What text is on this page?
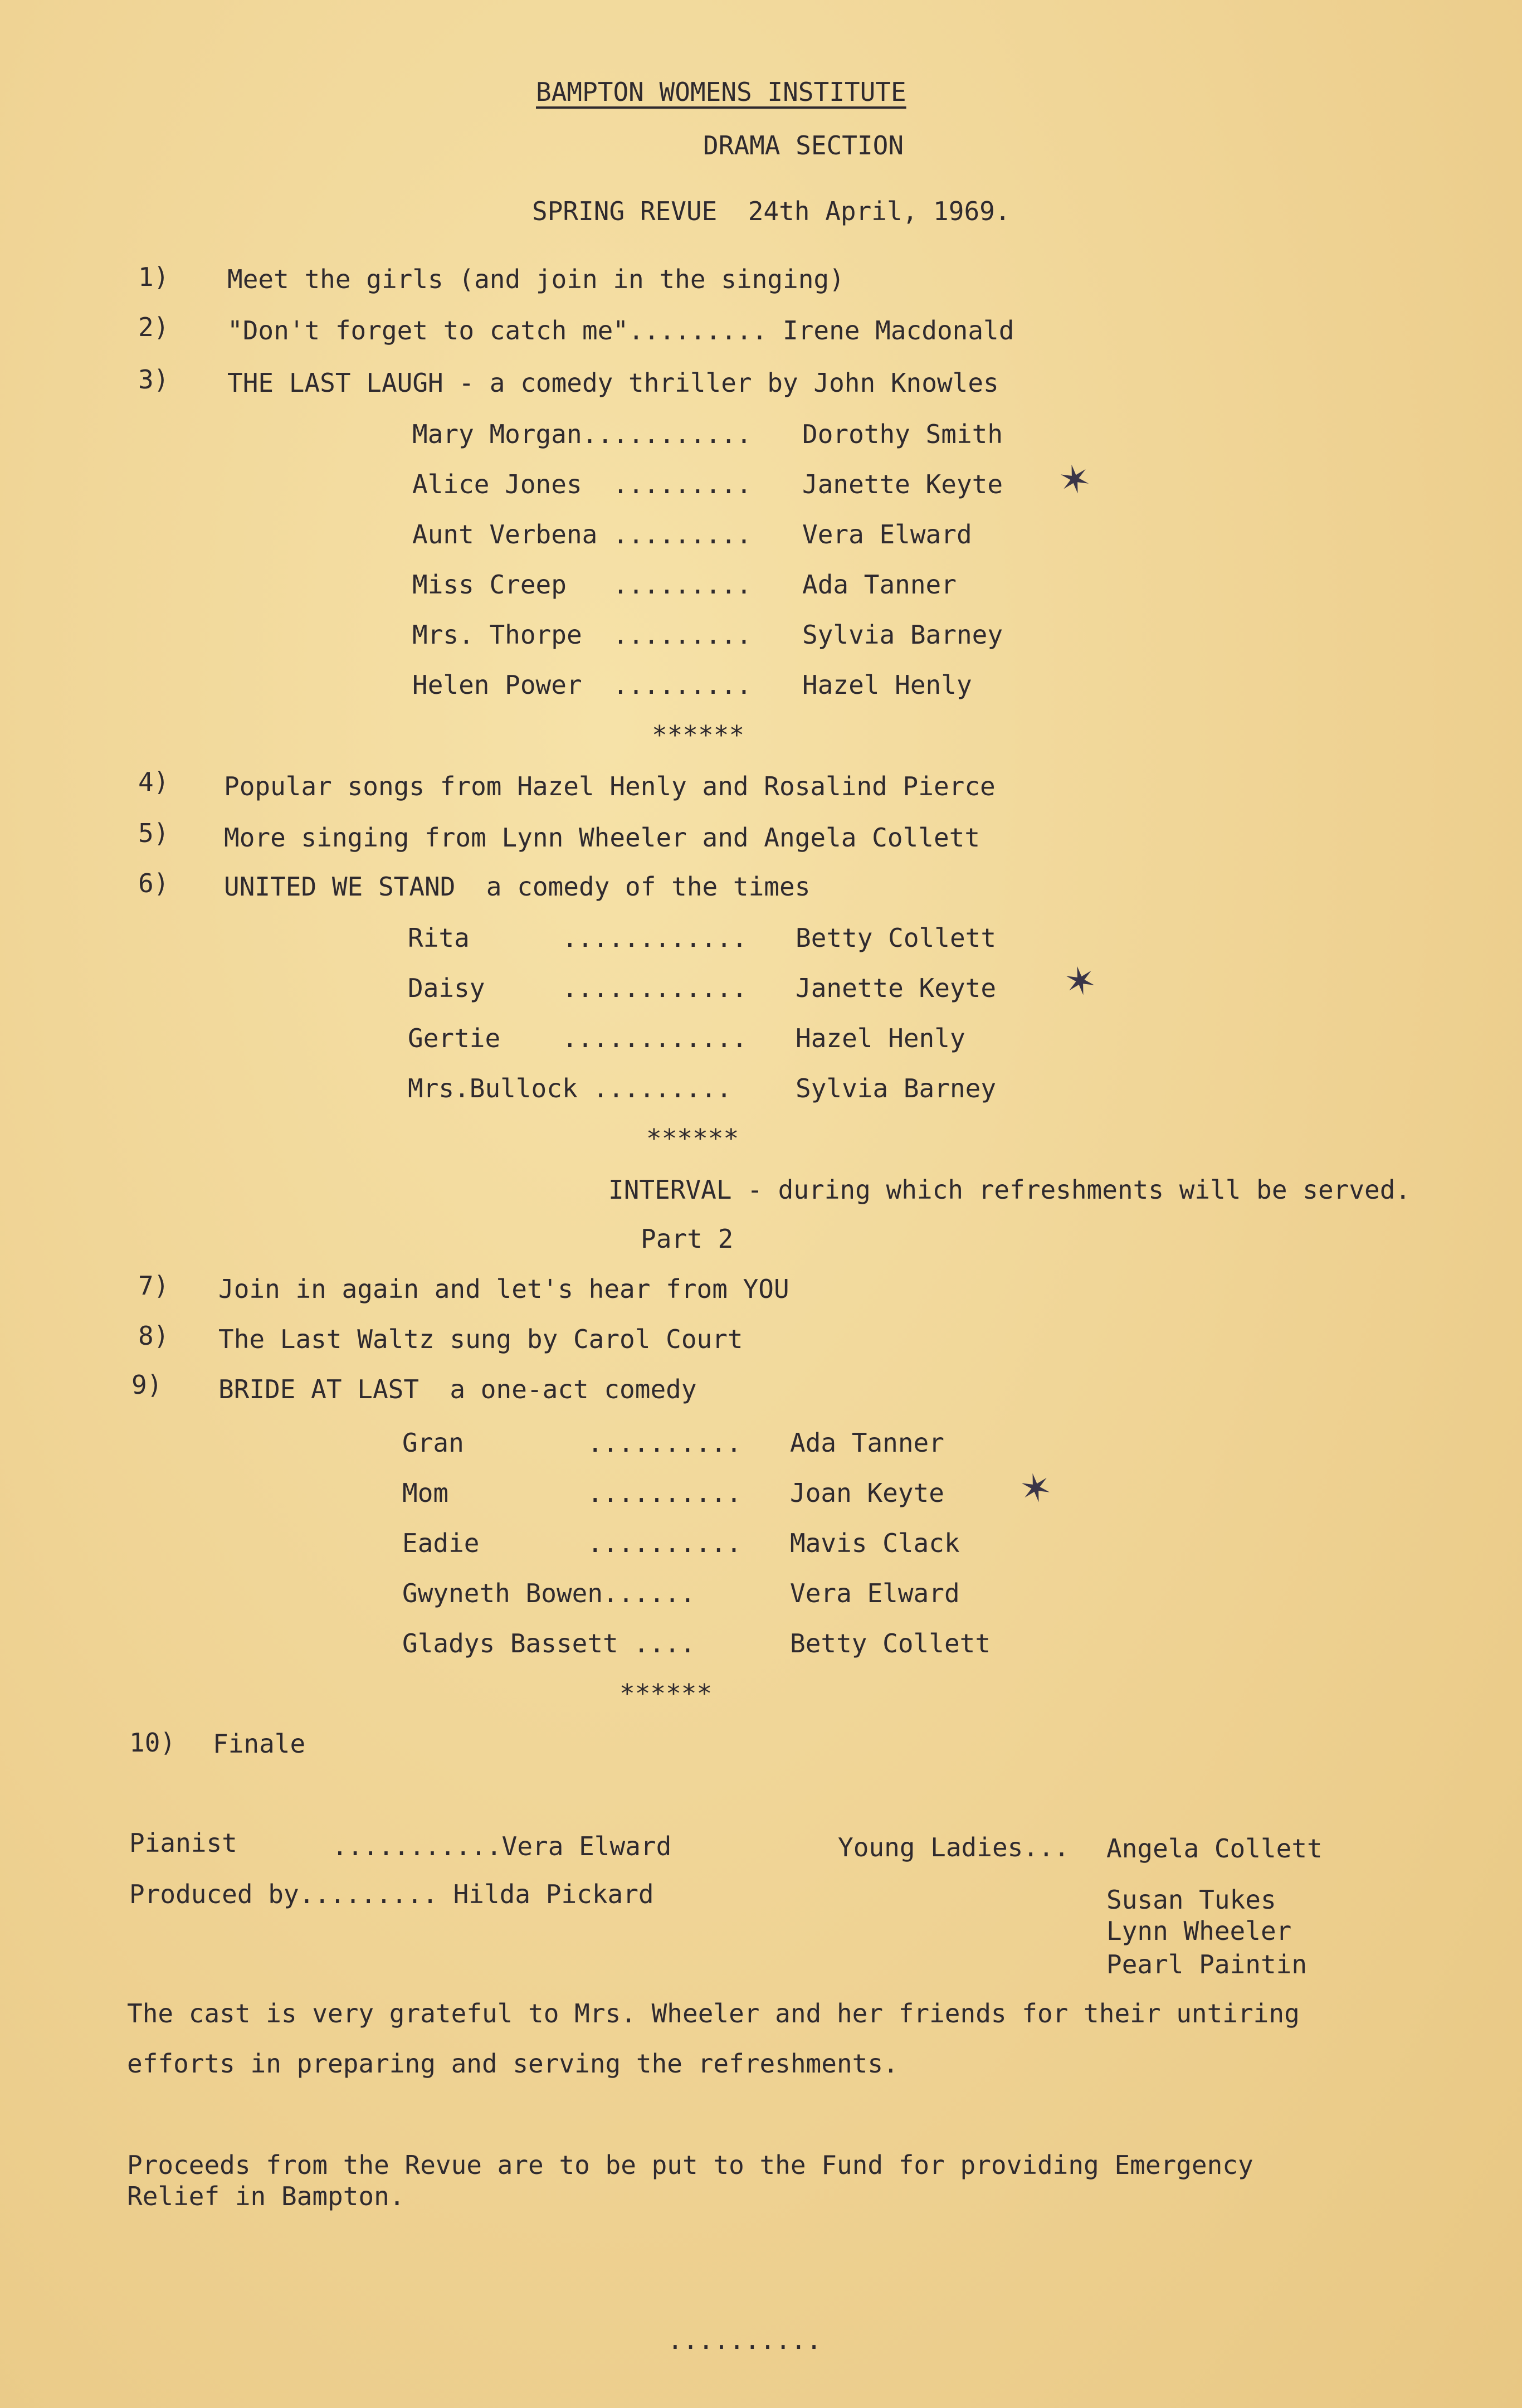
BAMPTON WOMENS INSTITUTE
DRAMA SECTION
SPRING REVUE  24th April, 1969.
1) Meet the girls (and join in the singing)
2) "Don't forget to catch me"......... Irene Macdonald
3) THE LAST LAUGH - a comedy thriller by John Knowles
Mary Morgan........... Dorothy Smith
Alice Jones  ......... Janette Keyte
Aunt Verbena ......... Vera Elward
Miss Creep   ......... Ada Tanner
Mrs. Thorpe  ......... Sylvia Barney
Helen Power  ......... Hazel Henly
******
✶
4) Popular songs from Hazel Henly and Rosalind Pierce
5) More singing from Lynn Wheeler and Angela Collett
6) UNITED WE STAND  a comedy of the times
Rita      ............ Betty Collett
Daisy     ............ Janette Keyte
Gertie    ............ Hazel Henly
Mrs.Bullock ......... Sylvia Barney
******
✶
INTERVAL - during which refreshments will be served.
Part 2
7) Join in again and let's hear from YOU
8) The Last Waltz sung by Carol Court
9) BRIDE AT LAST  a one-act comedy
Gran        .......... Ada Tanner
Mom         .......... Joan Keyte
Eadie       .......... Mavis Clack
Gwyneth Bowen......	Vera Elward
Gladys Bassett ....	Betty Collett
******
✶
10) Finale
Pianist	...........Vera Elward
Produced by......... Hilda Pickard
Young Ladies... Angela Collett
Susan Tukes
Lynn Wheeler
Pearl Paintin
The cast is very grateful to Mrs. Wheeler and her friends for their untiring
efforts in preparing and serving the refreshments.
Proceeds from the Revue are to be put to the Fund for providing Emergency
Relief in Bampton.
..........
